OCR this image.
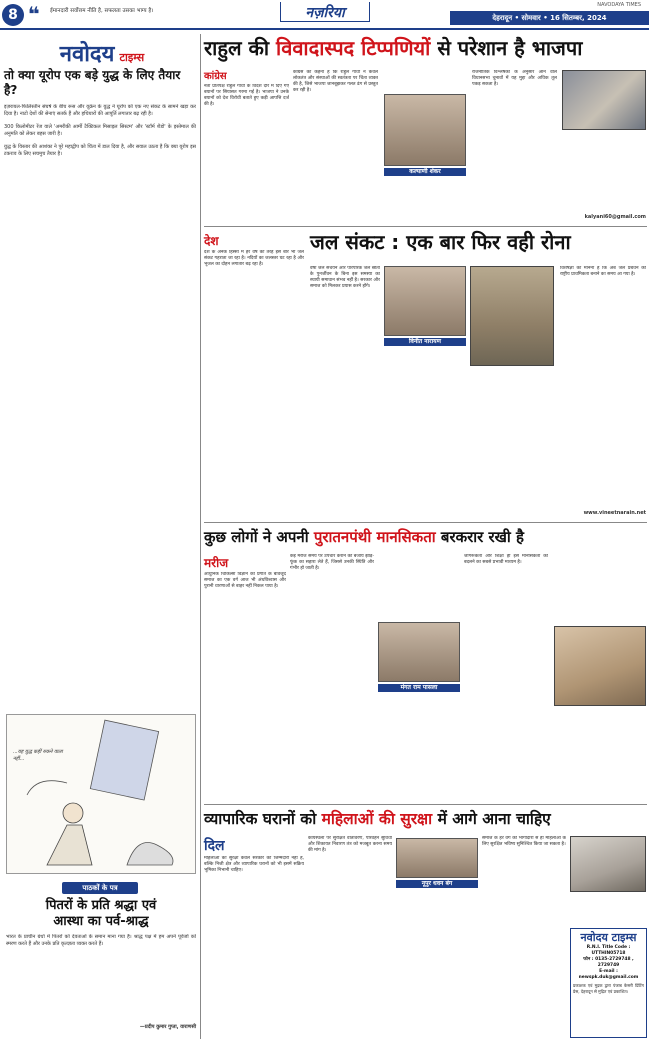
8 ❝ ईमानदारी सर्वोत्तम नीति है, सफलता उसका भाग्य है।	नज़रिया	NAVODAYA TIMES
देहरादून • सोमवार • 16 सितम्बर, 2024
नवोदय टाइम्स
तो क्या यूरोप एक बड़े युद्ध के लिए तैयार है?

इज़रायल-फिलिस्तीन संघर्ष के बीच रूस और यूक्रेन के युद्ध ने यूरोप को एक नए संकट के सामने खड़ा कर दिया है। नाटो देशों की सेनाएं सतर्क हैं और हथियारों की आपूर्ति लगातार बढ़ रही है।

300 किलोमीटर रेंज वाले 'अमरीकी आर्मी टैक्टिकल मिसाइल सिस्टम' और 'स्टॉर्म शैडो' के इस्तेमाल की अनुमति को लेकर बहस जारी है।

युद्ध के विस्तार की आशंका ने पूरे महाद्वीप को चिंता में डाल दिया है, और सवाल उठता है कि क्या यूरोप इस टकराव के लिए सचमुच तैयार है।

...यह युद्ध कहीं रुकने वाला नहीं...
पाठकों के पत्र
पितरों के प्रति श्रद्धा एवं
आस्था का पर्व-श्राद्ध
भारत के प्राचीन ग्रंथों में पितरों को देवताओं के समान माना गया है। श्राद्ध पक्ष में हम अपने पूर्वजों को स्मरण करते हैं और उनके प्रति कृतज्ञता व्यक्त करते हैं।
—प्रदीप कुमार गुप्ता, वाराणसी
राहुल की विवादास्पद टिप्पणियों से परेशान है भाजपा
कांग्रेस

नेता प्रतिपक्ष राहुल गांधी के विदेश दौरे में दिए गए बयानों पर सियासत गरमा गई है। भाजपा ने उनके बयानों को देश विरोधी बताते हुए कड़ी आपत्ति दर्ज की है।

कांग्रेस का कहना है कि राहुल गांधी ने केवल लोकतंत्र और संस्थाओं की स्वतंत्रता पर चिंता व्यक्त की है, जिसे भाजपा जानबूझकर गलत ढंग से प्रस्तुत कर रही है।

कल्याणी शंकर

राजनीतिक विश्लेषकों के अनुसार आने वाले विधानसभा चुनावों में यह मुद्दा और अधिक तूल पकड़ सकता है।

kalyani60@gmail.com
देश	जल संकट : एक बार फिर वही रोना

देश के अनेक हिस्सों में हर वर्ष की तरह इस बार भी जल संकट गहराता जा रहा है। नदियों का जलस्तर घट रहा है और भूजल का दोहन लगातार बढ़ रहा है।

वर्षा जल संचयन और पारंपरिक जल स्रोतों के पुनर्जीवन के बिना इस समस्या का स्थायी समाधान संभव नहीं है। सरकार और समाज को मिलकर प्रयास करने होंगे।

विनीत नारायण

विशेषज्ञों का मानना है कि अब जल प्रबंधन को राष्ट्रीय प्राथमिकता बनाने का समय आ गया है।

www.vineetnarain.net
कुछ लोगों ने अपनी पुरातनपंथी मानसिकता बरकरार रखी है
मरीज

आधुनिक चिकित्सा विज्ञान की प्रगति के बावजूद समाज का एक वर्ग आज भी अंधविश्वास और पुरानी धारणाओं से बाहर नहीं निकल पाया है।

कई मरीज समय पर उपचार कराने की बजाय झाड़-फूंक का सहारा लेते हैं, जिससे उनकी स्थिति और गंभीर हो जाती है।

मंगत राम पासला

जागरूकता और शिक्षा ही इस मानसिकता को बदलने का सबसे प्रभावी माध्यम है।

व्यापारिक घरानों को महिलाओं की सुरक्षा में आगे आना चाहिए
दिल

महिलाओं की सुरक्षा केवल सरकार की जिम्मेदारी नहीं है, बल्कि निजी क्षेत्र और व्यापारिक घरानों को भी इसमें सक्रिय भूमिका निभानी चाहिए।

कार्यस्थलों पर सुरक्षित वातावरण, परिवहन सुविधा और शिकायत निवारण तंत्र को मजबूत करना समय की मांग है।

नूपुर धवन बंग

समाज के हर वर्ग की भागीदारी से ही महिलाओं के लिए सुरक्षित भविष्य सुनिश्चित किया जा सकता है।

नवोदय टाइम्स
R.N.I. Title Code : UTTHIN05718
फोन : 0135-2729748 , 2729749
E-mail : newspk.duk@gmail.com
प्रकाशक एवं मुद्रक द्वारा पंजाब केसरी प्रिंटिंग प्रेस, देहरादून से मुद्रित एवं प्रकाशित।
